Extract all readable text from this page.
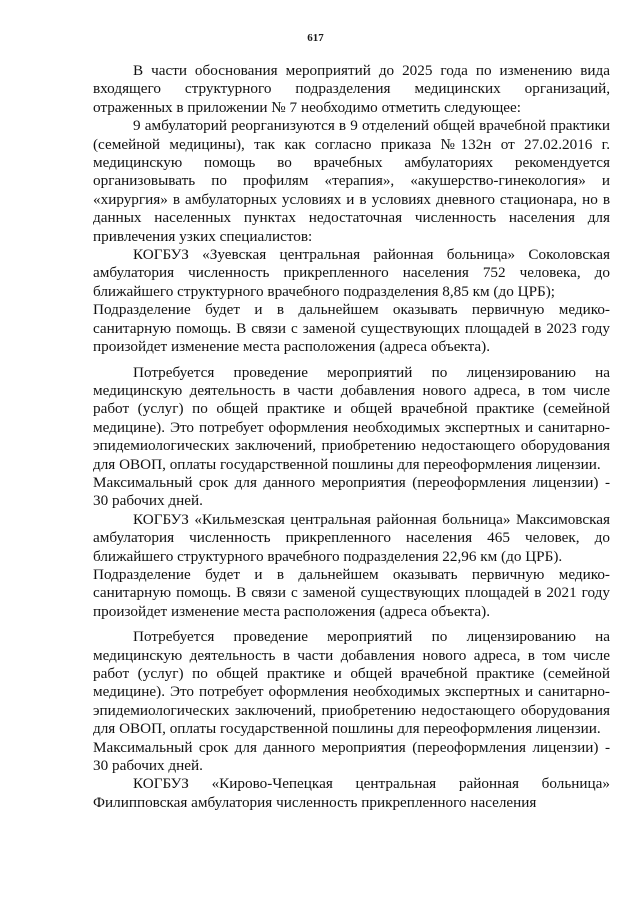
617

В части обоснования мероприятий до 2025 года по изменению вида входящего структурного подразделения медицинских организаций, отраженных в приложении № 7 необходимо отметить следующее:

9 амбулаторий реорганизуются в 9 отделений общей врачебной практики (семейной медицины), так как согласно приказа №132н от 27.02.2016 г. медицинскую помощь во врачебных амбулаториях рекомендуется организовывать по профилям «терапия», «акушерство-гинекология» и «хирургия» в амбулаторных условиях и в условиях дневного стационара, но в данных населенных пунктах недостаточная численность населения для привлечения узких специалистов:

КОГБУЗ «Зуевская центральная районная больница» Соколовская амбулатория численность прикрепленного населения 752 человека, до ближайшего структурного врачебного подразделения 8,85 км (до ЦРБ);

Подразделение будет и в дальнейшем оказывать первичную медико-санитарную помощь. В связи с заменой существующих площадей в 2023 году произойдет изменение места расположения (адреса объекта).

Потребуется проведение мероприятий по лицензированию на медицинскую деятельность в части добавления нового адреса, в том числе работ (услуг) по общей практике и общей врачебной практике (семейной медицине). Это потребует оформления необходимых экспертных и санитарно-эпидемиологических заключений, приобретению недостающего оборудования для ОВОП, оплаты государственной пошлины для переоформления лицензии.

Максимальный срок для данного мероприятия (переоформления лицензии) - 30 рабочих дней.

КОГБУЗ «Кильмезская центральная районная больница» Максимовская амбулатория численность прикрепленного населения 465 человек, до ближайшего структурного врачебного подразделения 22,96 км (до ЦРБ).

Подразделение будет и в дальнейшем оказывать первичную медико-санитарную помощь. В связи с заменой существующих площадей в 2021 году произойдет изменение места расположения (адреса объекта).

Потребуется проведение мероприятий по лицензированию на медицинскую деятельность в части добавления нового адреса, в том числе работ (услуг) по общей практике и общей врачебной практике (семейной медицине). Это потребует оформления необходимых экспертных и санитарно-эпидемиологических заключений, приобретению недостающего оборудования для ОВОП, оплаты государственной пошлины для переоформления лицензии.

Максимальный срок для данного мероприятия (переоформления лицензии) - 30 рабочих дней.

КОГБУЗ «Кирово-Чепецкая центральная районная больница» Филипповская амбулатория численность прикрепленного населения
